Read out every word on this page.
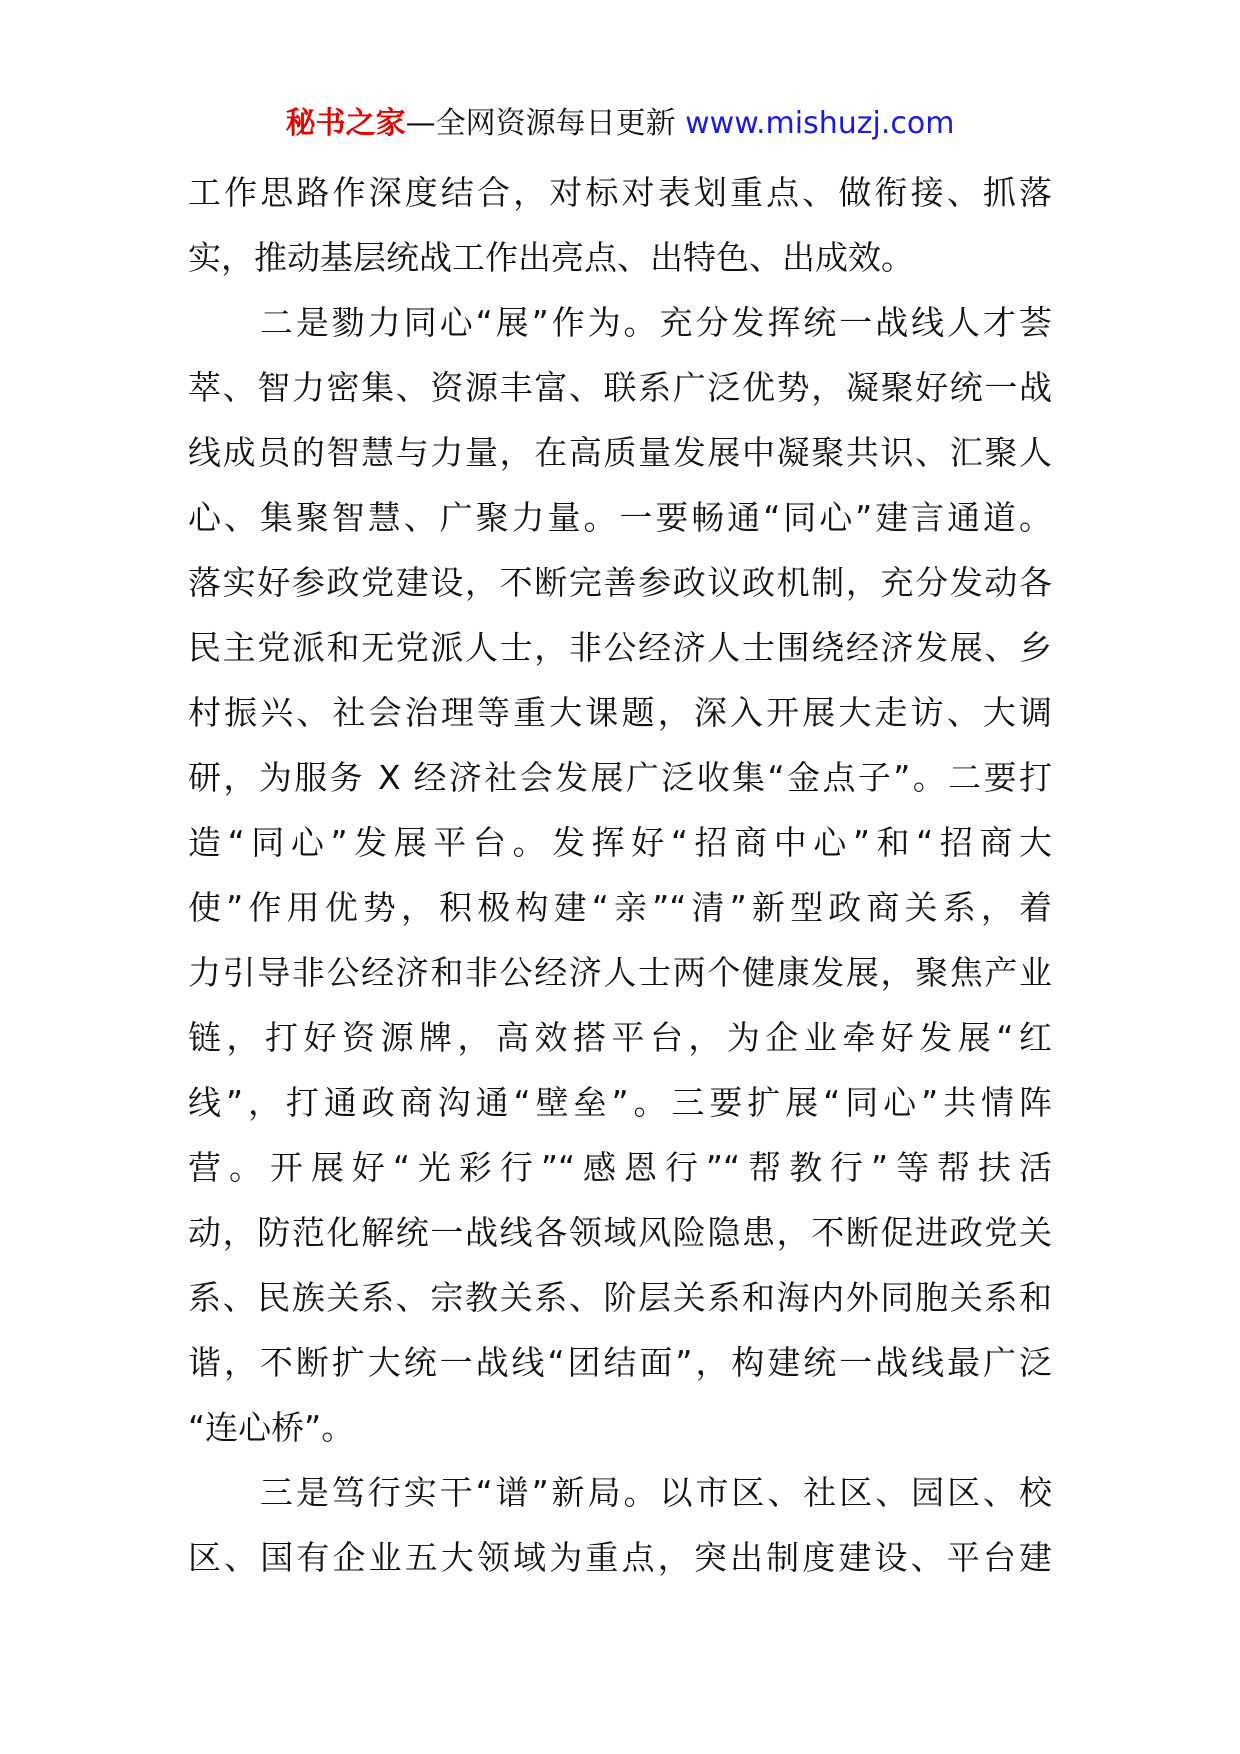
秘书之家—全网资源每日更新 www.mishuzj.com
工作思路作深度结合，对标对表划重点、做衔接、抓落
实，推动基层统战工作出亮点、出特色、出成效。
　　二是勠力同心“展”作为。充分发挥统一战线人才荟
萃、智力密集、资源丰富、联系广泛优势，凝聚好统一战
线成员的智慧与力量，在高质量发展中凝聚共识、汇聚人
心、集聚智慧、广聚力量。一要畅通“同心”建言通道。
落实好参政党建设，不断完善参政议政机制，充分发动各
民主党派和无党派人士，非公经济人士围绕经济发展、乡
村振兴、社会治理等重大课题，深入开展大走访、大调
研，为服务 X 经济社会发展广泛收集“金点子”。二要打
造“同心”发展平台。发挥好“招商中心”和“招商大
使”作用优势，积极构建“亲”“清”新型政商关系，着
力引导非公经济和非公经济人士两个健康发展，聚焦产业
链，打好资源牌，高效搭平台，为企业牵好发展“红
线”，打通政商沟通“壁垒”。三要扩展“同心”共情阵
营。开展好“光彩行”“感恩行”“帮教行”等帮扶活
动，防范化解统一战线各领域风险隐患，不断促进政党关
系、民族关系、宗教关系、阶层关系和海内外同胞关系和
谐，不断扩大统一战线“团结面”，构建统一战线最广泛
“连心桥”。
　　三是笃行实干“谱”新局。以市区、社区、园区、校
区、国有企业五大领域为重点，突出制度建设、平台建
